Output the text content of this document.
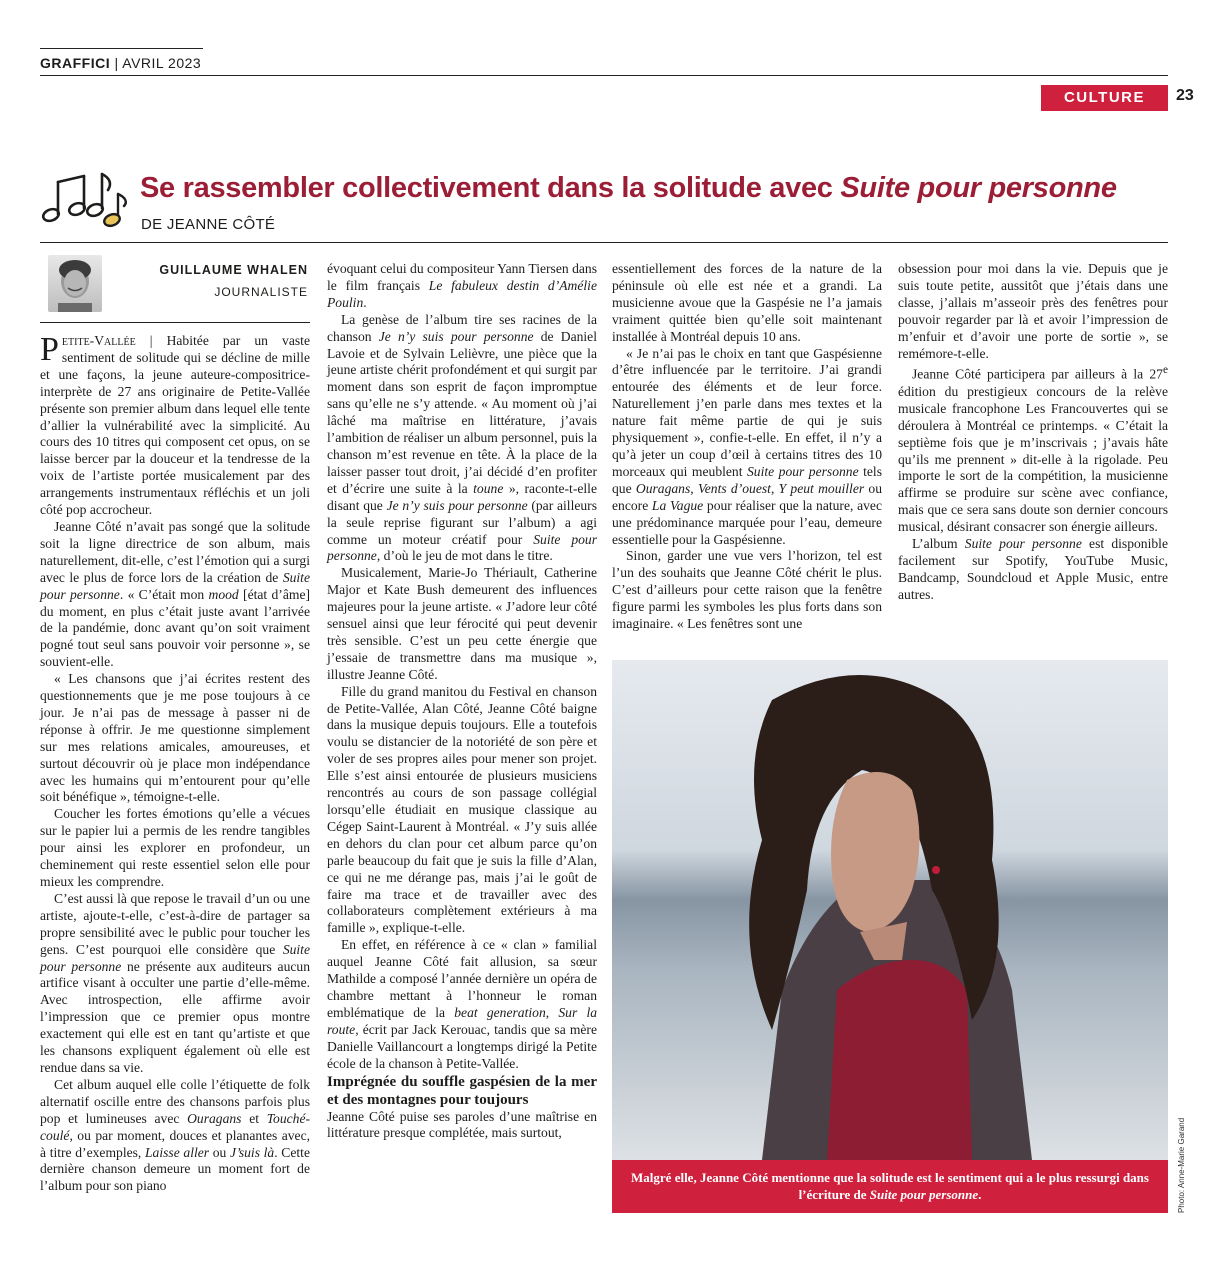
GRAFFICI | AVRIL 2023
CULTURE	23
Se rassembler collectivement dans la solitude avec Suite pour personne
DE JEANNE CÔTÉ
GUILLAUME WHALEN
JOURNALISTE

Petite-Vallée | Habitée par un vaste sentiment de solitude qui se décline de mille et une façons, la jeune auteure-compositrice-interprète de 27 ans originaire de Petite-Vallée présente son premier album dans lequel elle tente d’allier la vulnérabilité avec la simplicité. Au cours des 10 titres qui composent cet opus, on se laisse bercer par la douceur et la tendresse de la voix de l’artiste portée musicalement par des arrangements instrumentaux réfléchis et un joli côté pop accrocheur.

Jeanne Côté n’avait pas songé que la solitude soit la ligne directrice de son album, mais naturellement, dit-elle, c’est l’émotion qui a surgi avec le plus de force lors de la création de Suite pour personne. « C’était mon mood [état d’âme] du moment, en plus c’était juste avant l’arrivée de la pandémie, donc avant qu’on soit vraiment pogné tout seul sans pouvoir voir personne », se souvient-elle.

« Les chansons que j’ai écrites restent des questionnements que je me pose toujours à ce jour. Je n’ai pas de message à passer ni de réponse à offrir. Je me questionne simplement sur mes relations amicales, amoureuses, et surtout découvrir où je place mon indépendance avec les humains qui m’entourent pour qu’elle soit bénéfique », témoigne-t-elle.

Coucher les fortes émotions qu’elle a vécues sur le papier lui a permis de les rendre tangibles pour ainsi les explorer en profondeur, un cheminement qui reste essentiel selon elle pour mieux les comprendre.

C’est aussi là que repose le travail d’un ou une artiste, ajoute-t-elle, c’est-à-dire de partager sa propre sensibilité avec le public pour toucher les gens. C’est pourquoi elle considère que Suite pour personne ne présente aux auditeurs aucun artifice visant à occulter une partie d’elle-même. Avec introspection, elle affirme avoir l’impression que ce premier opus montre exactement qui elle est en tant qu’artiste et que les chansons expliquent également où elle est rendue dans sa vie.

Cet album auquel elle colle l’étiquette de folk alternatif oscille entre des chansons parfois plus pop et lumineuses avec Ouragans et Touché-coulé, ou par moment, douces et planantes avec, à titre d’exemples, Laisse aller ou J’suis là. Cette dernière chanson demeure un moment fort de l’album pour son piano

évoquant celui du compositeur Yann Tiersen dans le film français Le fabuleux destin d’Amélie Poulin.

La genèse de l’album tire ses racines de la chanson Je n’y suis pour personne de Daniel Lavoie et de Sylvain Lelièvre, une pièce que la jeune artiste chérit profondément et qui surgit par moment dans son esprit de façon impromptue sans qu’elle ne s’y attende. « Au moment où j’ai lâché ma maîtrise en littérature, j’avais l’ambition de réaliser un album personnel, puis la chanson m’est revenue en tête. À la place de la laisser passer tout droit, j’ai décidé d’en profiter et d’écrire une suite à la toune », raconte-t-elle disant que Je n’y suis pour personne (par ailleurs la seule reprise figurant sur l’album) a agi comme un moteur créatif pour Suite pour personne, d’où le jeu de mot dans le titre.

Musicalement, Marie-Jo Thériault, Catherine Major et Kate Bush demeurent des influences majeures pour la jeune artiste. « J’adore leur côté sensuel ainsi que leur férocité qui peut devenir très sensible. C’est un peu cette énergie que j’essaie de transmettre dans ma musique », illustre Jeanne Côté.

Fille du grand manitou du Festival en chanson de Petite-Vallée, Alan Côté, Jeanne Côté baigne dans la musique depuis toujours. Elle a toutefois voulu se distancier de la notoriété de son père et voler de ses propres ailes pour mener son projet. Elle s’est ainsi entourée de plusieurs musiciens rencontrés au cours de son passage collégial lorsqu’elle étudiait en musique classique au Cégep Saint-Laurent à Montréal. « J’y suis allée en dehors du clan pour cet album parce qu’on parle beaucoup du fait que je suis la fille d’Alan, ce qui ne me dérange pas, mais j’ai le goût de faire ma trace et de travailler avec des collaborateurs complètement extérieurs à ma famille », explique-t-elle.

En effet, en référence à ce « clan » familial auquel Jeanne Côté fait allusion, sa sœur Mathilde a composé l’année dernière un opéra de chambre mettant à l’honneur le roman emblématique de la beat generation, Sur la route, écrit par Jack Kerouac, tandis que sa mère Danielle Vaillancourt a longtemps dirigé la Petite école de la chanson à Petite-Vallée.

Imprégnée du souffle gaspésien de la mer et des montagnes pour toujours

Jeanne Côté puise ses paroles d’une maîtrise en littérature presque complétée, mais surtout,

essentiellement des forces de la nature de la péninsule où elle est née et a grandi. La musicienne avoue que la Gaspésie ne l’a jamais vraiment quittée bien qu’elle soit maintenant installée à Montréal depuis 10 ans.

« Je n’ai pas le choix en tant que Gaspésienne d’être influencée par le territoire. J’ai grandi entourée des éléments et de leur force. Naturellement j’en parle dans mes textes et la nature fait même partie de qui je suis physiquement », confie-t-elle. En effet, il n’y a qu’à jeter un coup d’œil à certains titres des 10 morceaux qui meublent Suite pour personne tels que Ouragans, Vents d’ouest, Y peut mouiller ou encore La Vague pour réaliser que la nature, avec une prédominance marquée pour l’eau, demeure essentielle pour la Gaspésienne.

Sinon, garder une vue vers l’horizon, tel est l’un des souhaits que Jeanne Côté chérit le plus. C’est d’ailleurs pour cette raison que la fenêtre figure parmi les symboles les plus forts dans son imaginaire. « Les fenêtres sont une

obsession pour moi dans la vie. Depuis que je suis toute petite, aussitôt que j’étais dans une classe, j’allais m’asseoir près des fenêtres pour pouvoir regarder par là et avoir l’impression de m’enfuir et d’avoir une porte de sortie », se remémore-t-elle.

Jeanne Côté participera par ailleurs à la 27e édition du prestigieux concours de la relève musicale francophone Les Francouvertes qui se déroulera à Montréal ce printemps. « C’était la septième fois que je m’inscrivais ; j’avais hâte qu’ils me prennent » dit-elle à la rigolade. Peu importe le sort de la compétition, la musicienne affirme se produire sur scène avec confiance, mais que ce sera sans doute son dernier concours musical, désirant consacrer son énergie ailleurs.

L’album Suite pour personne est disponible facilement sur Spotify, YouTube Music, Bandcamp, Soundcloud et Apple Music, entre autres.

Malgré elle, Jeanne Côté mentionne que la solitude est le sentiment qui a le plus ressurgi dans l’écriture de Suite pour personne.	Photo: Anne-Marie Garand
